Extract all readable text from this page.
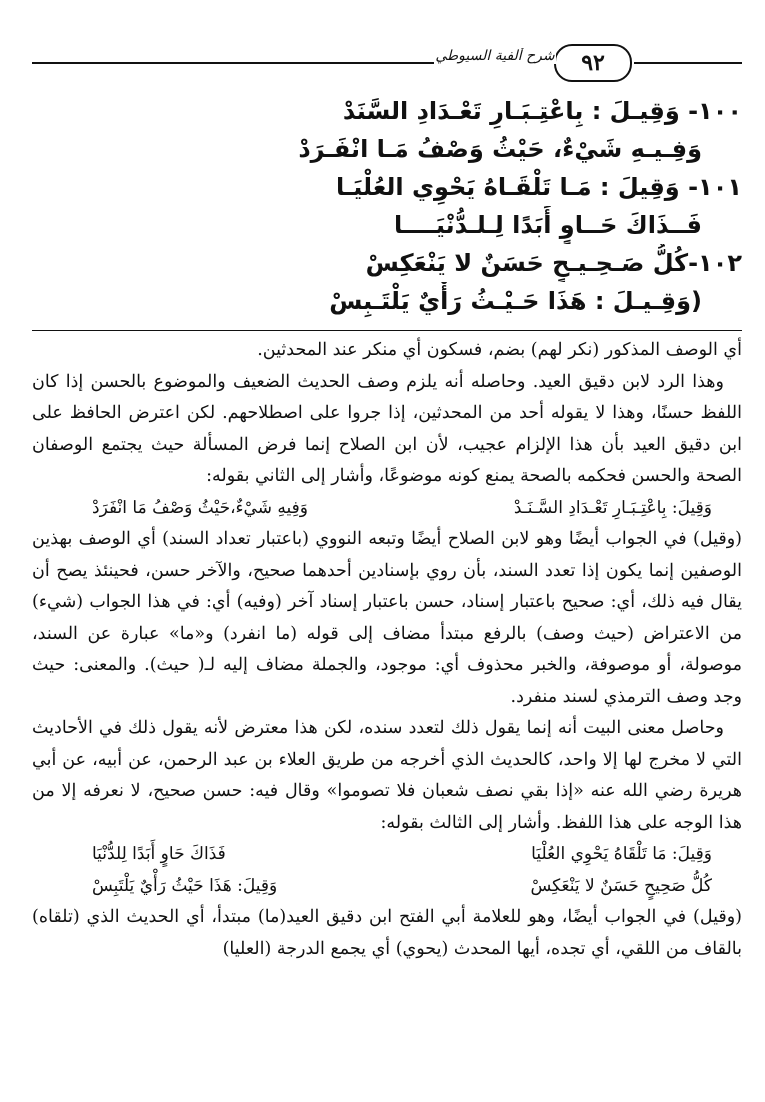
٩٢
شرح ألفية السيوطي
١٠٠- وَقِيـلَ : بِاعْتِـبَـارِ تَعْـدَادِ السَّنَدْ
وَفِـيـهِ شَيْءٌ، حَيْثُ وَصْفُ مَـا انْفَـرَدْ
١٠١- وَقِيلَ : مَـا تَلْقَـاهُ يَحْوِي العُلْيَـا
فَــذَاكَ حَــاوٍ أَبَدًا لِـلـدُّنْيَــــا
١٠٢-كُلُّ صَـحِـيـحٍ حَسَنٌ لا يَنْعَكِسْ
(وَقِـيـلَ : هَذَا حَـيْـثُ رَأْيٌ يَلْتَـبِسْ

أي الوصف المذكور (نكر لهم) بضم، فسكون أي منكر عند المحدثين.

وهذا الرد لابن دقيق العيد. وحاصله أنه يلزم وصف الحديث الضعيف والموضوع بالحسن إذا كان اللفظ حسنًا، وهذا لا يقوله أحد من المحدثين، إذا جروا على اصطلاحهم. لكن اعترض الحافظ على ابن دقيق العيد بأن هذا الإلزام عجيب، لأن ابن الصلاح إنما فرض المسألة حيث يجتمع الوصفان الصحة والحسن فحكمه بالصحة يمنع كونه موضوعًا، وأشار إلى الثاني بقوله:

وَقِيلَ: بِاعْتِـبَـارِ تَعْـدَادِ السَّـنَـدْ
وَفِيهِ شَيْءٌ،حَيْثُ وَصْفُ مَا انْفَرَدْ

(وقيل) في الجواب أيضًا وهو لابن الصلاح أيضًا وتبعه النووي (باعتبار تعداد السند) أي الوصف بهذين الوصفين إنما يكون إذا تعدد السند، بأن روي بإسنادين أحدهما صحيح، والآخر حسن، فحينئذ يصح أن يقال فيه ذلك، أي: صحيح باعتبار إسناد، حسن باعتبار إسناد آخر (وفيه) أي: في هذا الجواب (شيء) من الاعتراض (حيث وصف) بالرفع مبتدأ مضاف إلى قوله (ما انفرد) و«ما» عبارة عن السند، موصولة، أو موصوفة، والخبر محذوف أي: موجود، والجملة مضاف إليه لـ( حيث). والمعنى: حيث وجد وصف الترمذي لسند منفرد.

وحاصل معنى البيت أنه إنما يقول ذلك لتعدد سنده، لكن هذا معترض لأنه يقول ذلك في الأحاديث التي لا مخرج لها إلا واحد، كالحديث الذي أخرجه من طريق العلاء بن عبد الرحمن، عن أبيه، عن أبي هريرة رضي الله عنه «إذا بقي نصف شعبان فلا تصوموا» وقال فيه: حسن صحيح، لا نعرفه إلا من هذا الوجه على هذا اللفظ. وأشار إلى الثالث بقوله:

وَقِيلَ: مَا تَلْقَاهُ يَحْوِي العُلْيَا
فَذَاكَ حَاوٍ أَبَدًا لِلدُّنْيَا
كُلُّ صَحِيحٍ حَسَنٌ لا يَنْعَكِسْ
وَقِيلَ: هَذَا حَيْثُ رَأْيٌ يَلْتَبِسْ

(وقيل) في الجواب أيضًا، وهو للعلامة أبي الفتح ابن دقيق العيد(ما) مبتدأ، أي الحديث الذي (تلقاه) بالقاف من اللقي، أي تجده، أيها المحدث (يحوي) أي يجمع الدرجة (العليا)
